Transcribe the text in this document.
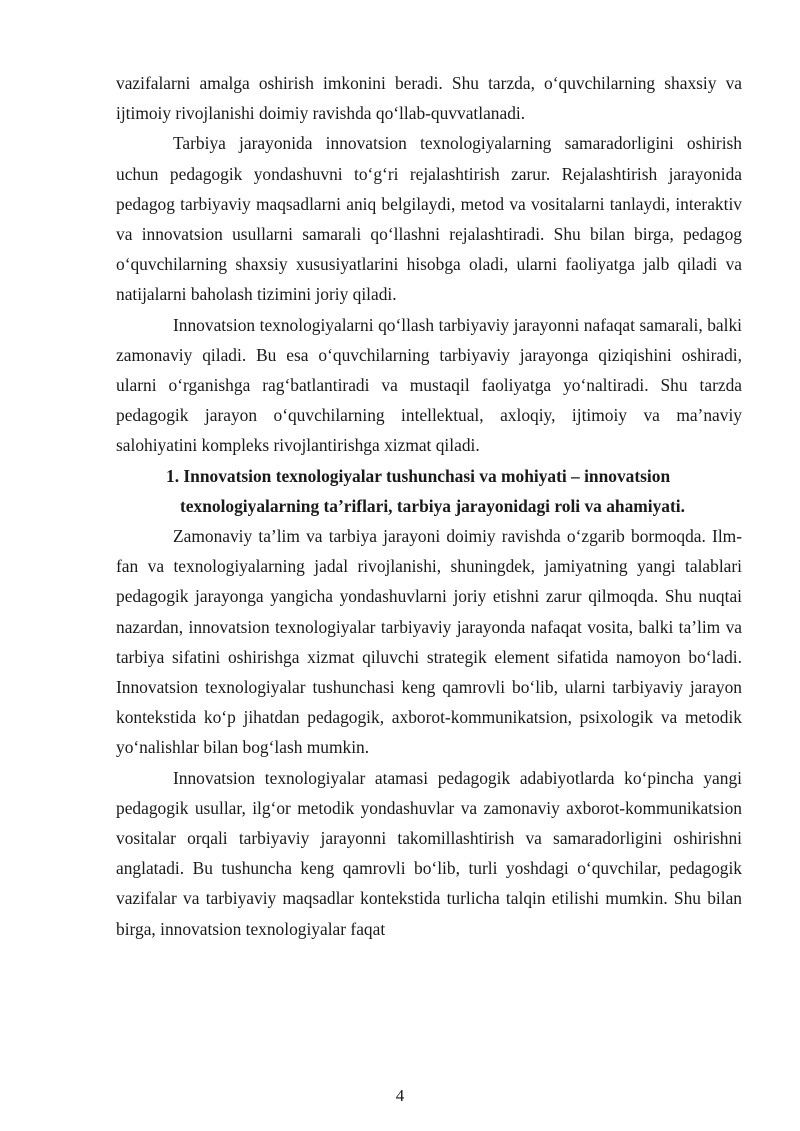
vazifalarni amalga oshirish imkonini beradi. Shu tarzda, o‘quvchilarning shaxsiy va ijtimoiy rivojlanishi doimiy ravishda qo‘llab-quvvatlanadi.

Tarbiya jarayonida innovatsion texnologiyalarning samaradorligini oshirish uchun pedagogik yondashuvni to‘g‘ri rejalashtirish zarur. Rejalashtirish jarayonida pedagog tarbiyaviy maqsadlarni aniq belgilaydi, metod va vositalarni tanlaydi, interaktiv va innovatsion usullarni samarali qo‘llashni rejalashtiradi. Shu bilan birga, pedagog o‘quvchilarning shaxsiy xususiyatlarini hisobga oladi, ularni faoliyatga jalb qiladi va natijalarni baholash tizimini joriy qiladi.

Innovatsion texnologiyalarni qo‘llash tarbiyaviy jarayonni nafaqat samarali, balki zamonaviy qiladi. Bu esa o‘quvchilarning tarbiyaviy jarayonga qiziqishini oshiradi, ularni o‘rganishga rag‘batlantiradi va mustaqil faoliyatga yo‘naltiradi. Shu tarzda pedagogik jarayon o‘quvchilarning intellektual, axloqiy, ijtimoiy va ma’naviy salohiyatini kompleks rivojlantirishga xizmat qiladi.

1. Innovatsion texnologiyalar tushunchasi va mohiyati – innovatsion
texnologiyalarning ta’riflari, tarbiya jarayonidagi roli va ahamiyati.

Zamonaviy ta’lim va tarbiya jarayoni doimiy ravishda o‘zgarib bormoqda. Ilm-fan va texnologiyalarning jadal rivojlanishi, shuningdek, jamiyatning yangi talablari pedagogik jarayonga yangicha yondashuvlarni joriy etishni zarur qilmoqda. Shu nuqtai nazardan, innovatsion texnologiyalar tarbiyaviy jarayonda nafaqat vosita, balki ta’lim va tarbiya sifatini oshirishga xizmat qiluvchi strategik element sifatida namoyon bo‘ladi. Innovatsion texnologiyalar tushunchasi keng qamrovli bo‘lib, ularni tarbiyaviy jarayon kontekstida ko‘p jihatdan pedagogik, axborot-kommunikatsion, psixologik va metodik yo‘nalishlar bilan bog‘lash mumkin.

Innovatsion texnologiyalar atamasi pedagogik adabiyotlarda ko‘pincha yangi pedagogik usullar, ilg‘or metodik yondashuvlar va zamonaviy axborot-kommunikatsion vositalar orqali tarbiyaviy jarayonni takomillashtirish va samaradorligini oshirishni anglatadi. Bu tushuncha keng qamrovli bo‘lib, turli yoshdagi o‘quvchilar, pedagogik vazifalar va tarbiyaviy maqsadlar kontekstida turlicha talqin etilishi mumkin. Shu bilan birga, innovatsion texnologiyalar faqat

4
